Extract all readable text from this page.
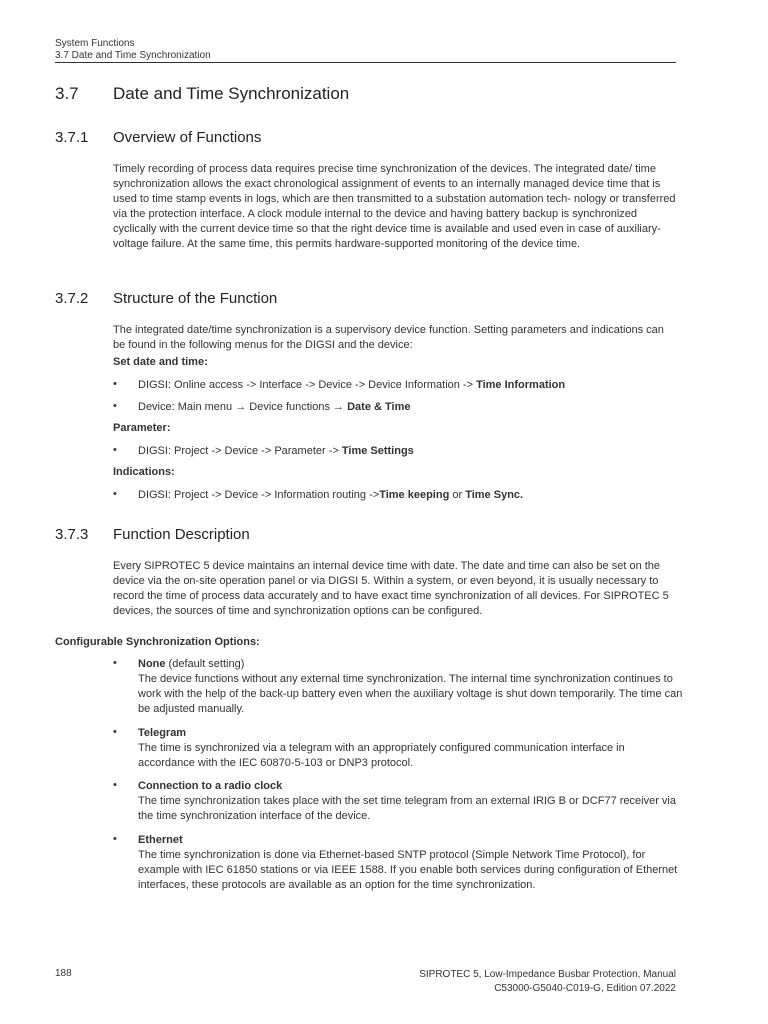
System Functions
3.7 Date and Time Synchronization
3.7 Date and Time Synchronization
3.7.1 Overview of Functions
Timely recording of process data requires precise time synchronization of the devices. The integrated date/ time synchronization allows the exact chronological assignment of events to an internally managed device time that is used to time stamp events in logs, which are then transmitted to a substation automation tech- nology or transferred via the protection interface. A clock module internal to the device and having battery backup is synchronized cyclically with the current device time so that the right device time is available and used even in case of auxiliary-voltage failure. At the same time, this permits hardware-supported monitoring of the device time.
3.7.2 Structure of the Function
The integrated date/time synchronization is a supervisory device function. Setting parameters and indications can be found in the following menus for the DIGSI and the device:
Set date and time:
• DIGSI: Online access -> Interface -> Device -> Device Information -> Time Information
• Device: Main menu → Device functions → Date & Time
Parameter:
• DIGSI: Project -> Device -> Parameter -> Time Settings
Indications:
• DIGSI: Project -> Device -> Information routing ->Time keeping or Time Sync.
3.7.3 Function Description
Every SIPROTEC 5 device maintains an internal device time with date. The date and time can also be set on the device via the on-site operation panel or via DIGSI 5. Within a system, or even beyond, it is usually necessary to record the time of process data accurately and to have exact time synchronization of all devices. For SIPROTEC 5 devices, the sources of time and synchronization options can be configured.
Configurable Synchronization Options:
• None (default setting)
The device functions without any external time synchronization. The internal time synchronization continues to work with the help of the back-up battery even when the auxiliary voltage is shut down temporarily. The time can be adjusted manually.
• Telegram
The time is synchronized via a telegram with an appropriately configured communication interface in accordance with the IEC 60870-5-103 or DNP3 protocol.
• Connection to a radio clock
The time synchronization takes place with the set time telegram from an external IRIG B or DCF77 receiver via the time synchronization interface of the device.
• Ethernet
The time synchronization is done via Ethernet-based SNTP protocol (Simple Network Time Protocol), for example with IEC 61850 stations or via IEEE 1588. If you enable both services during configuration of Ethernet interfaces, these protocols are available as an option for the time synchronization.
188	SIPROTEC 5, Low-Impedance Busbar Protection, Manual
C53000-G5040-C019-G, Edition 07.2022
